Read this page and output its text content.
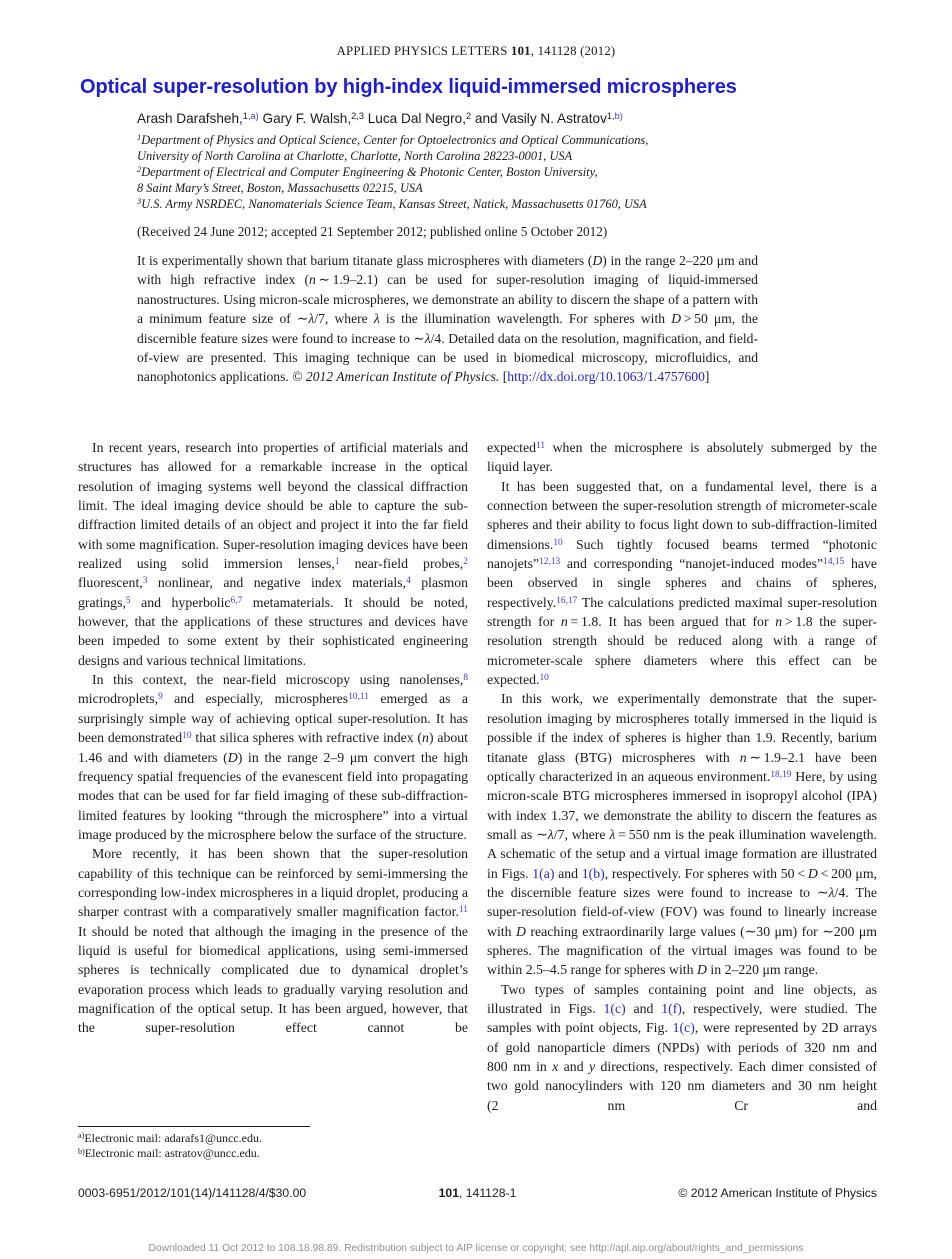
APPLIED PHYSICS LETTERS 101, 141128 (2012)
Optical super-resolution by high-index liquid-immersed microspheres
Arash Darafsheh,$^{1,a)}$ Gary F. Walsh,$^{2,3}$ Luca Dal Negro,$^2$ and Vasily N. Astratov$^{1,b)}$
$^1$Department of Physics and Optical Science, Center for Optoelectronics and Optical Communications,
University of North Carolina at Charlotte, Charlotte, North Carolina 28223-0001, USA
$^2$Department of Electrical and Computer Engineering & Photonic Center, Boston University,
8 Saint Mary’s Street, Boston, Massachusetts 02215, USA
$^3$U.S. Army NSRDEC, Nanomaterials Science Team, Kansas Street, Natick, Massachusetts 01760, USA
(Received 24 June 2012; accepted 21 September 2012; published online 5 October 2012)
It is experimentally shown that barium titanate glass microspheres with diameters (D) in the range 2–220 μm and with high refractive index (n ∼ 1.9–2.1) can be used for super-resolution imaging of liquid-immersed nanostructures. Using micron-scale microspheres, we demonstrate an ability to discern the shape of a pattern with a minimum feature size of ∼λ/7, where λ is the illumination wavelength. For spheres with D > 50 μm, the discernible feature sizes were found to increase to ∼λ/4. Detailed data on the resolution, magnification, and field-of-view are presented. This imaging technique can be used in biomedical microscopy, microfluidics, and nanophotonics applications. © 2012 American Institute of Physics. [http://dx.doi.org/10.1063/1.4757600]

In recent years, research into properties of artificial materials and structures has allowed for a remarkable increase in the optical resolution of imaging systems well beyond the classical diffraction limit. The ideal imaging device should be able to capture the sub-diffraction limited details of an object and project it into the far field with some magnification. Super-resolution imaging devices have been realized using solid immersion lenses,$^1$ near-field probes,$^2$ fluorescent,$^3$ nonlinear, and negative index materials,$^4$ plasmon gratings,$^5$ and hyperbolic$^{6,7}$ metamaterials. It should be noted, however, that the applications of these structures and devices have been impeded to some extent by their sophisticated engineering designs and various technical limitations.

In this context, the near-field microscopy using nanolenses,$^8$ microdroplets,$^9$ and especially, microspheres$^{10,11}$ emerged as a surprisingly simple way of achieving optical super-resolution. It has been demonstrated$^{10}$ that silica spheres with refractive index (n) about 1.46 and with diameters (D) in the range 2–9 μm convert the high frequency spatial frequencies of the evanescent field into propagating modes that can be used for far field imaging of these sub-diffraction-limited features by looking “through the microsphere” into a virtual image produced by the microsphere below the surface of the structure.

More recently, it has been shown that the super-resolution capability of this technique can be reinforced by semi-immersing the corresponding low-index microspheres in a liquid droplet, producing a sharper contrast with a comparatively smaller magnification factor.$^{11}$ It should be noted that although the imaging in the presence of the liquid is useful for biomedical applications, using semi-immersed spheres is technically complicated due to dynamical droplet’s evaporation process which leads to gradually varying resolution and magnification of the optical setup. It has been argued, however, that the super-resolution effect cannot be

expected$^{11}$ when the microsphere is absolutely submerged by the liquid layer.

It has been suggested that, on a fundamental level, there is a connection between the super-resolution strength of micrometer-scale spheres and their ability to focus light down to sub-diffraction-limited dimensions.$^{10}$ Such tightly focused beams termed “photonic nanojets”$^{12,13}$ and corresponding “nanojet-induced modes”$^{14,15}$ have been observed in single spheres and chains of spheres, respectively.$^{16,17}$ The calculations predicted maximal super-resolution strength for n = 1.8. It has been argued that for n > 1.8 the super-resolution strength should be reduced along with a range of micrometer-scale sphere diameters where this effect can be expected.$^{10}$

In this work, we experimentally demonstrate that the super-resolution imaging by microspheres totally immersed in the liquid is possible if the index of spheres is higher than 1.9. Recently, barium titanate glass (BTG) microspheres with n ∼ 1.9–2.1 have been optically characterized in an aqueous environment.$^{18,19}$ Here, by using micron-scale BTG microspheres immersed in isopropyl alcohol (IPA) with index 1.37, we demonstrate the ability to discern the features as small as ∼λ/7, where λ = 550 nm is the peak illumination wavelength. A schematic of the setup and a virtual image formation are illustrated in Figs. 1(a) and 1(b), respectively. For spheres with 50 < D < 200 μm, the discernible feature sizes were found to increase to ∼λ/4. The super-resolution field-of-view (FOV) was found to linearly increase with D reaching extraordinarily large values (∼30 μm) for ∼200 μm spheres. The magnification of the virtual images was found to be within 2.5–4.5 range for spheres with D in 2–220 μm range.

Two types of samples containing point and line objects, as illustrated in Figs. 1(c) and 1(f), respectively, were studied. The samples with point objects, Fig. 1(c), were represented by 2D arrays of gold nanoparticle dimers (NPDs) with periods of 320 nm and 800 nm in x and y directions, respectively. Each dimer consisted of two gold nanocylinders with 120 nm diameters and 30 nm height (2 nm Cr and

$^{a)}$Electronic mail: adarafs1@uncc.edu.
$^{b)}$Electronic mail: astratov@uncc.edu.
0003-6951/2012/101(14)/141128/4/$30.00	101, 141128-1	© 2012 American Institute of Physics
Downloaded 11 Oct 2012 to 108.18.98.89. Redistribution subject to AIP license or copyright; see http://apl.aip.org/about/rights_and_permissions
